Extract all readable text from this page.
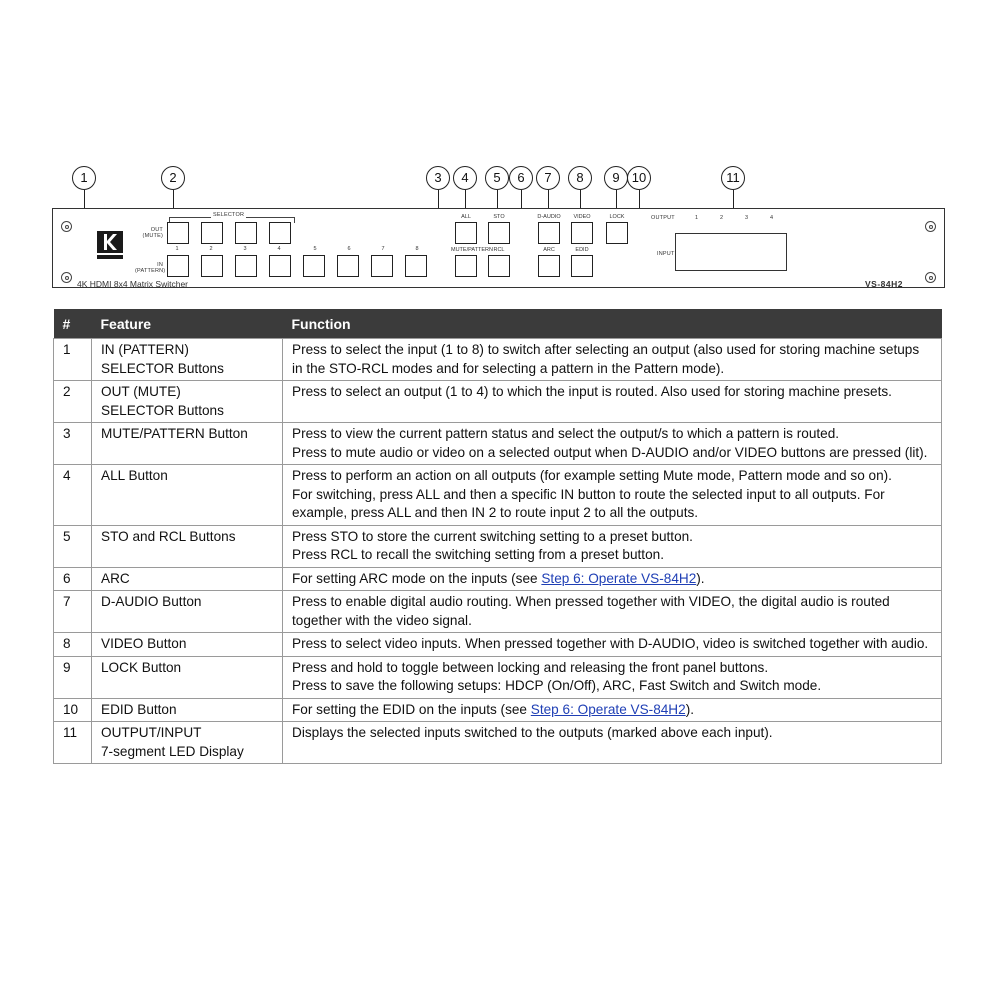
1	2	3	4	5	6	7	8	9 10	11
SELECTOR
OUT (MUTE)
IN (PATTERN)
1	2	3	4	5	6	7	8
ALL	STO	D-AUDIO	VIDEO	LOCK
MUTE/PATTERN RCL	ARC	EDID
OUTPUT	1	2	3	4
INPUT
4K HDMI 8x4 Matrix Switcher	VS-84H2
#	Feature	Function
1	IN (PATTERN)
SELECTOR Buttons	Press to select the input (1 to 8) to switch after selecting an output (also used for storing machine setups in the STO-RCL modes and for selecting a pattern in the Pattern mode).

2	OUT (MUTE)
SELECTOR Buttons	Press to select an output (1 to 4) to which the input is routed. Also used for storing machine presets.

3	MUTE/PATTERN Button	Press to view the current pattern status and select the output/s to which a pattern is routed.
Press to mute audio or video on a selected output when D-AUDIO and/or VIDEO buttons are pressed (lit).

4	ALL Button	Press to perform an action on all outputs (for example setting Mute mode, Pattern mode and so on).
For switching, press ALL and then a specific IN button to route the selected input to all outputs. For example, press ALL and then IN 2 to route input 2 to all the outputs.

5	STO and RCL Buttons	Press STO to store the current switching setting to a preset button.
Press RCL to recall the switching setting from a preset button.

6	ARC	For setting ARC mode on the inputs (see Step 6: Operate VS-84H2).
7	D-AUDIO Button	Press to enable digital audio routing. When pressed together with VIDEO, the digital audio is routed together with the video signal.

8	VIDEO Button	Press to select video inputs. When pressed together with D-AUDIO, video is switched together with audio.

9	LOCK Button	Press and hold to toggle between locking and releasing the front panel buttons.
Press to save the following setups: HDCP (On/Off), ARC, Fast Switch and Switch mode.

10	EDID Button	For setting the EDID on the inputs (see Step 6: Operate VS-84H2).
11	OUTPUT/INPUT
7-segment LED Display	Displays the selected inputs switched to the outputs (marked above each input).
